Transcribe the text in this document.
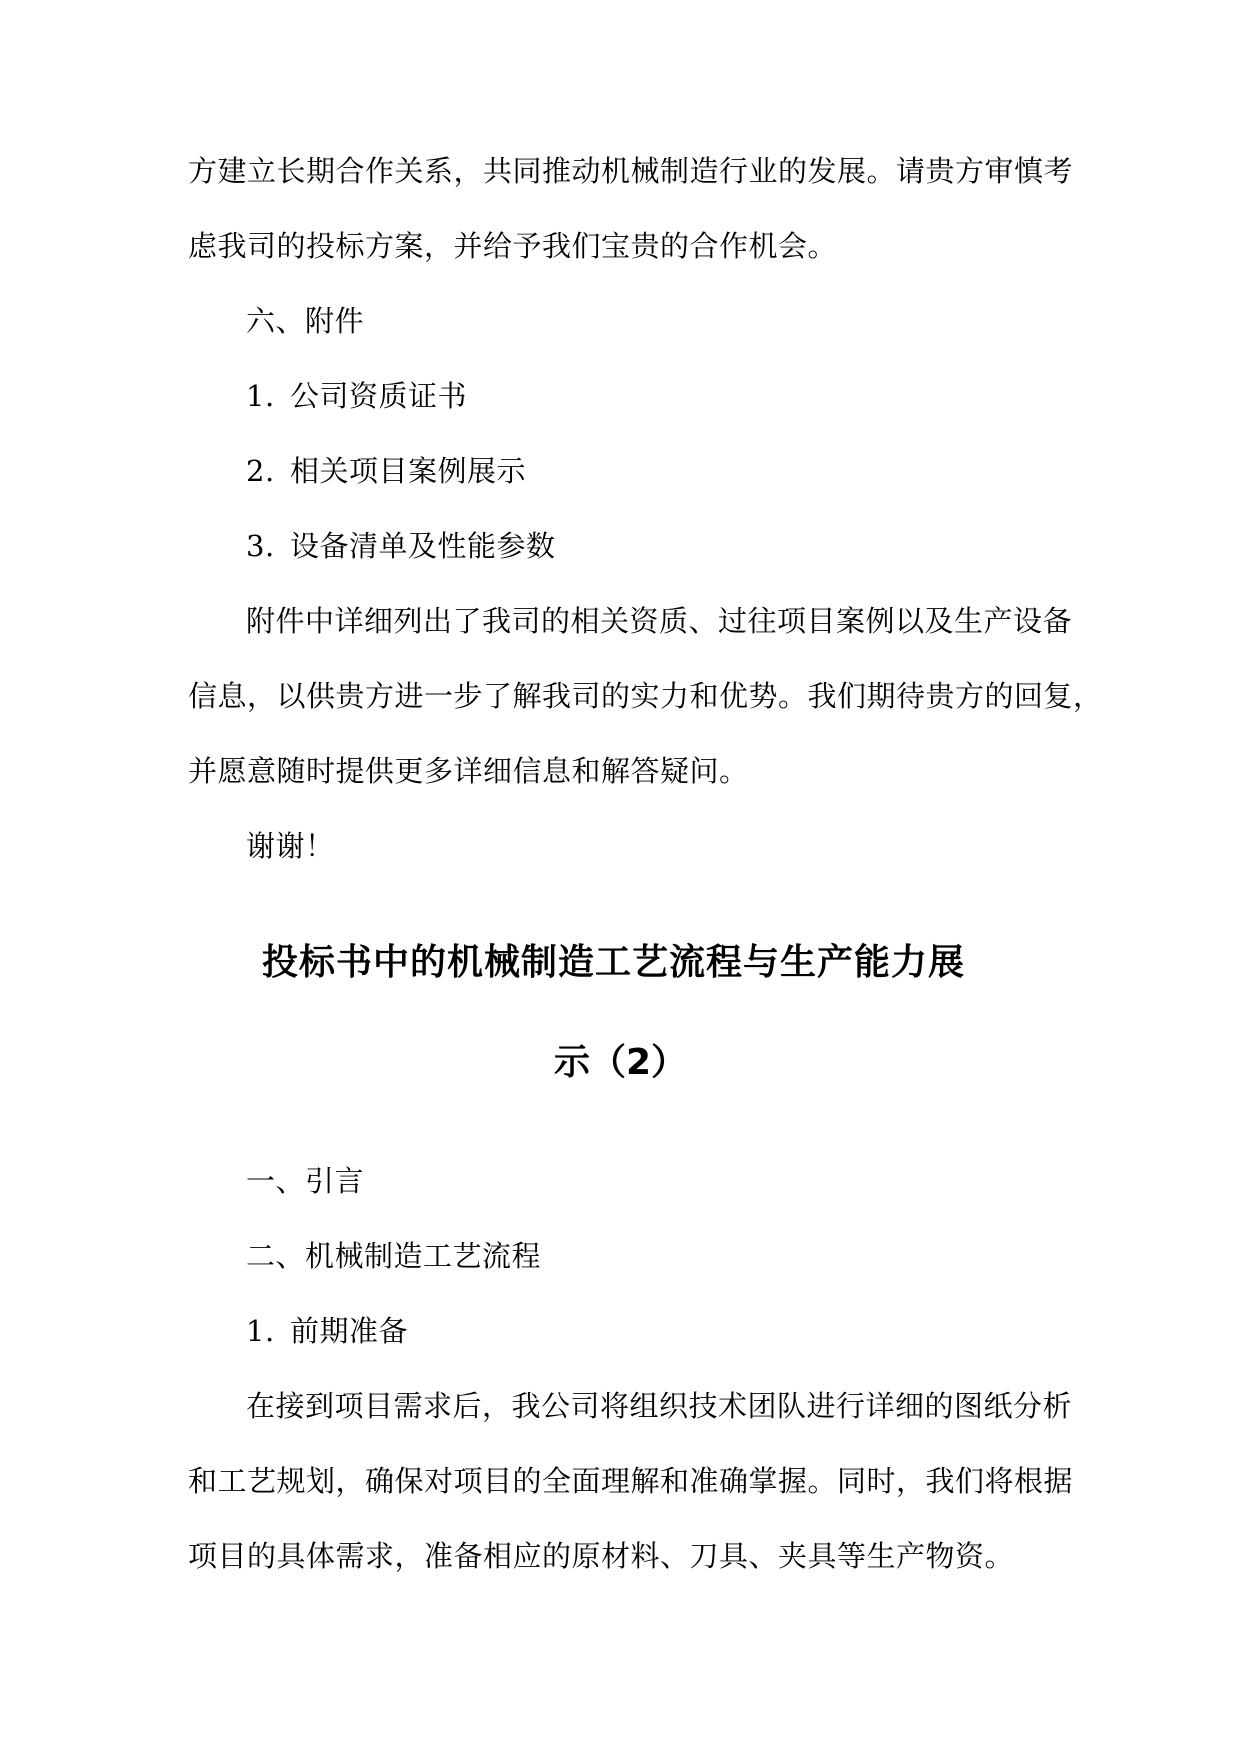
方建立长期合作关系，共同推动机械制造行业的发展。请贵方审慎考
虑我司的投标方案，并给予我们宝贵的合作机会。
六、附件
1. 公司资质证书
2. 相关项目案例展示
3. 设备清单及性能参数
附件中详细列出了我司的相关资质、过往项目案例以及生产设备
信息，以供贵方进一步了解我司的实力和优势。我们期待贵方的回复，
并愿意随时提供更多详细信息和解答疑问。
谢谢！
投标书中的机械制造工艺流程与生产能力展
示（2）
一、引言
二、机械制造工艺流程
1. 前期准备
在接到项目需求后，我公司将组织技术团队进行详细的图纸分析
和工艺规划，确保对项目的全面理解和准确掌握。同时，我们将根据
项目的具体需求，准备相应的原材料、刀具、夹具等生产物资。
